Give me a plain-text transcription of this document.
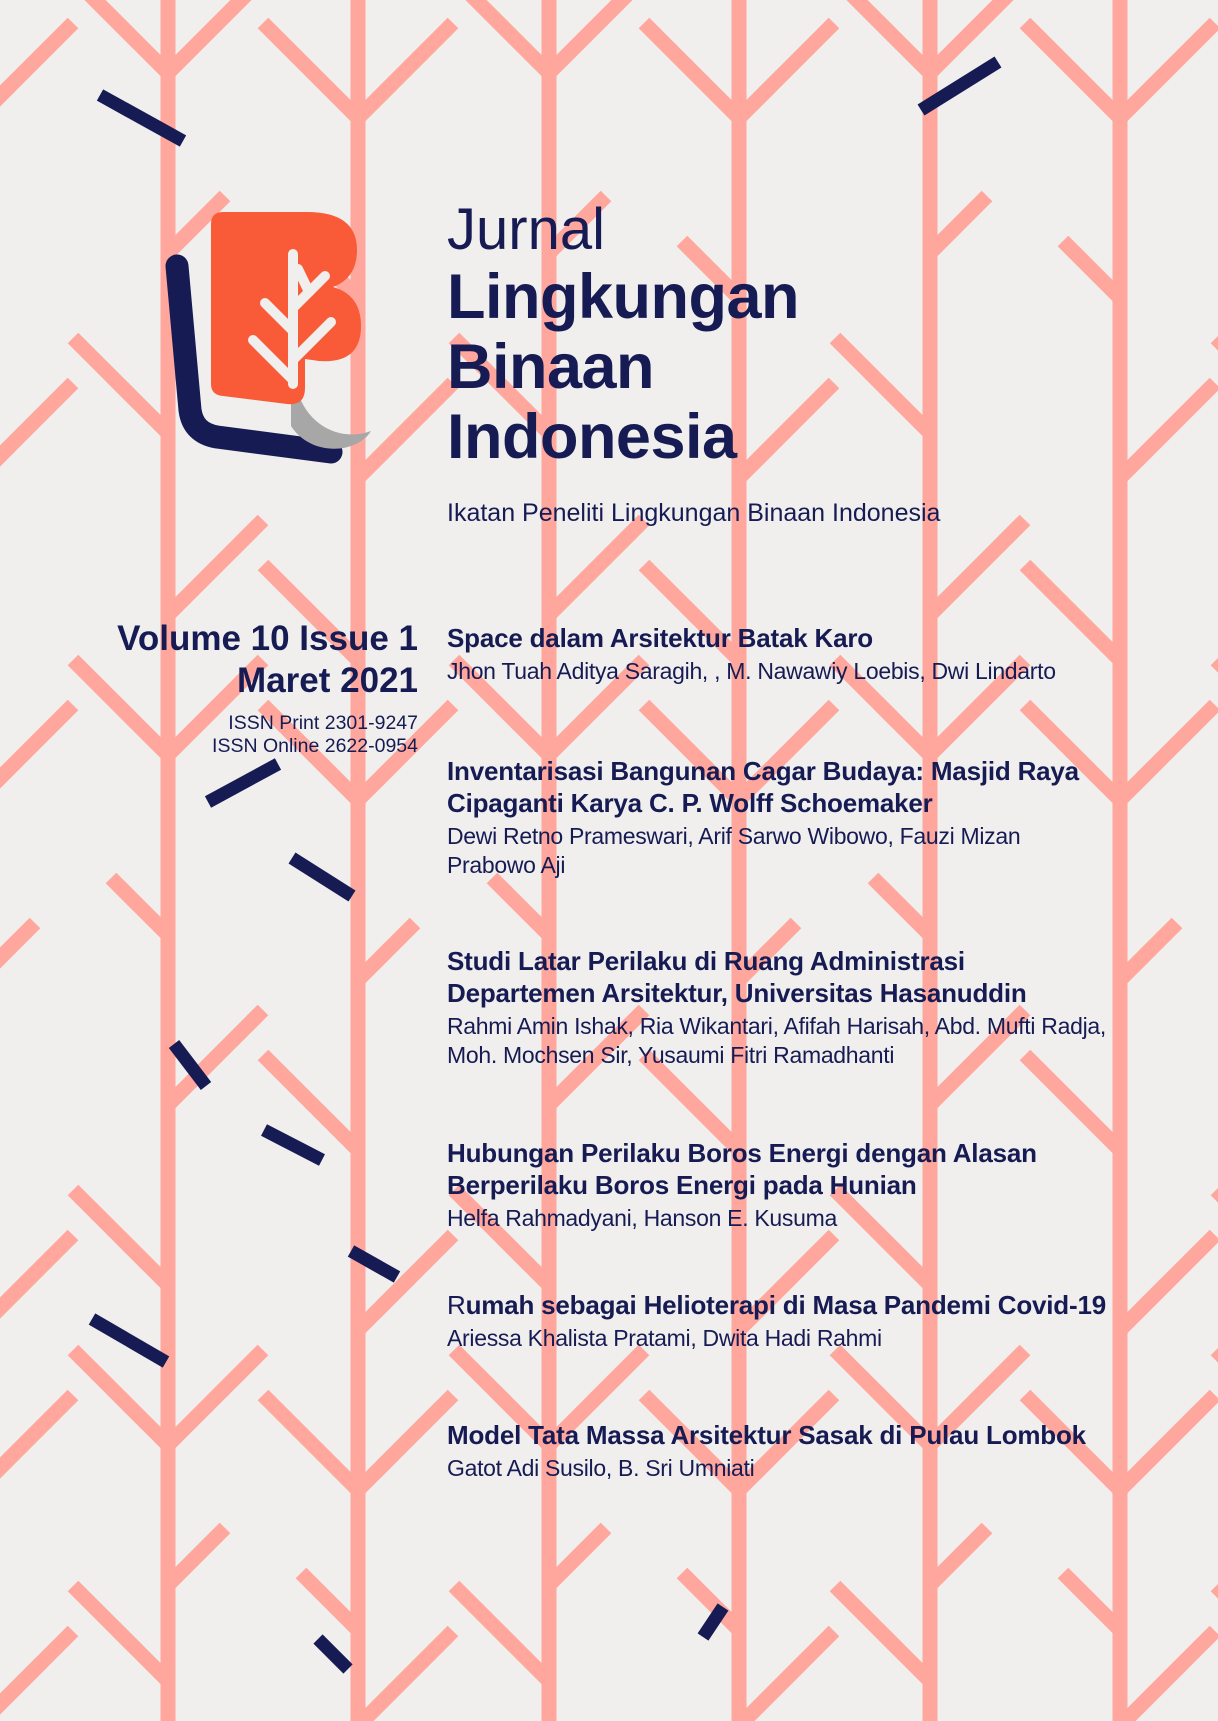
Jurnal
Lingkungan
Binaan
Indonesia
Ikatan Peneliti Lingkungan Binaan Indonesia
Volume 10 Issue 1
Maret 2021
ISSN Print 2301-9247
ISSN Online 2622-0954
Space dalam Arsitektur Batak Karo
Jhon Tuah Aditya Saragih, , M. Nawawiy Loebis, Dwi Lindarto
Inventarisasi Bangunan Cagar Budaya: Masjid Raya
Cipaganti Karya C. P. Wolff Schoemaker
Dewi Retno Prameswari, Arif Sarwo Wibowo, Fauzi Mizan
Prabowo Aji
Studi Latar Perilaku di Ruang Administrasi
Departemen Arsitektur, Universitas Hasanuddin
Rahmi Amin Ishak, Ria Wikantari, Afifah Harisah, Abd. Mufti Radja,
Moh. Mochsen Sir, Yusaumi Fitri Ramadhanti
Hubungan Perilaku Boros Energi dengan Alasan
Berperilaku Boros Energi pada Hunian
Helfa Rahmadyani, Hanson E. Kusuma
Rumah sebagai Helioterapi di Masa Pandemi Covid-19
Ariessa Khalista Pratami, Dwita Hadi Rahmi
Model Tata Massa Arsitektur Sasak di Pulau Lombok
Gatot Adi Susilo, B. Sri Umniati
